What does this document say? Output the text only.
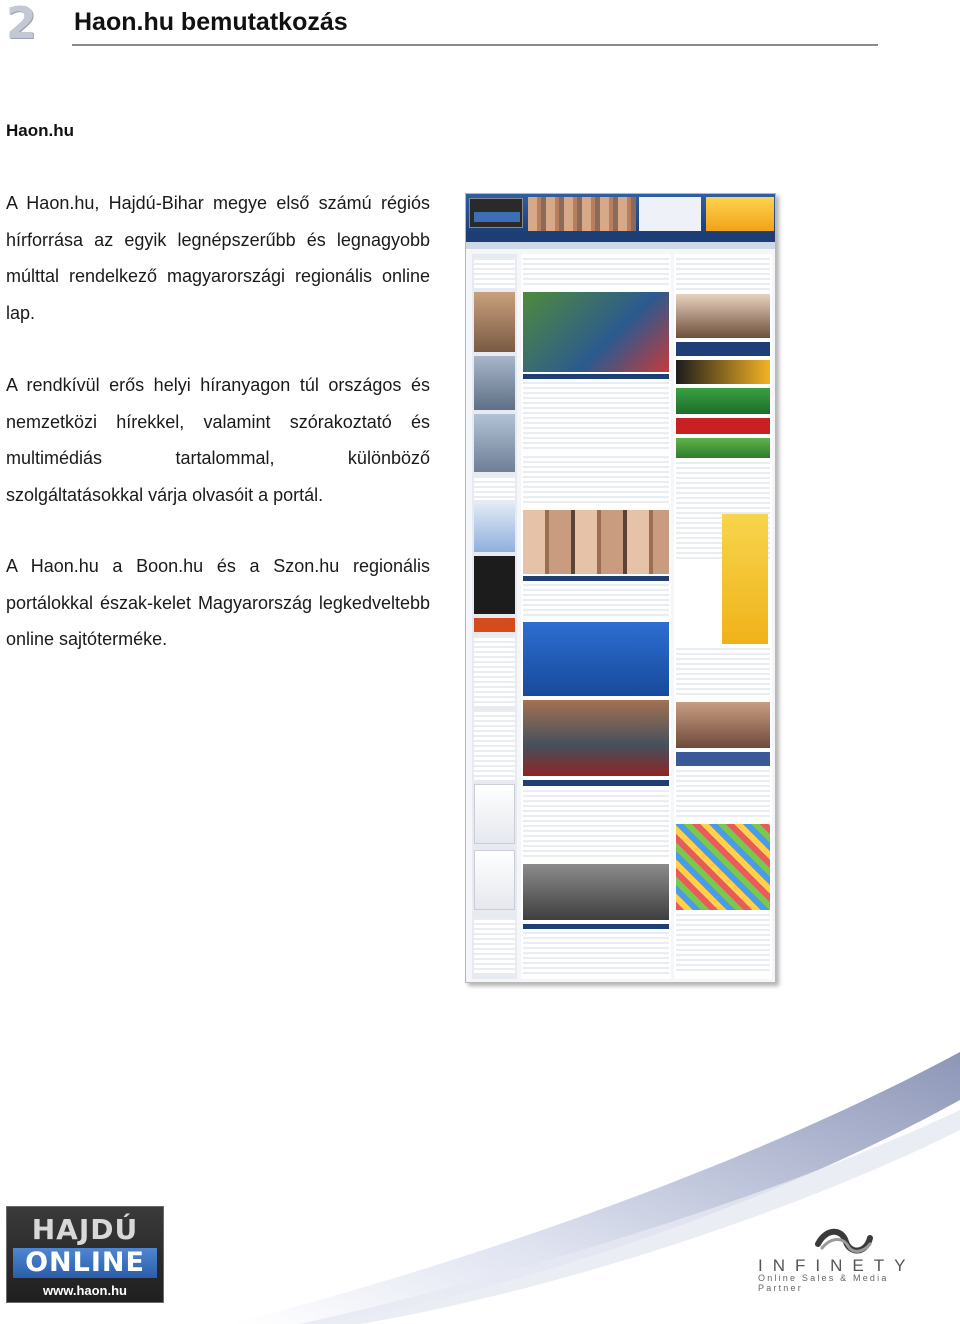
2 Haon.hu bemutatkozás
Haon.hu

A Haon.hu, Hajdú-Bihar megye első számú régiós hírforrása az egyik legnépszerűbb és legnagyobb múlttal rendelkező magyarországi regionális online lap.

A rendkívül erős helyi híranyagon túl országos és nemzetközi hírekkel, valamint szórakoztató és multimédiás tartalommal, különböző szolgáltatásokkal várja olvasóit a portál.

A Haon.hu a Boon.hu és a Szon.hu regionális portálokkal észak-kelet Magyarország legkedveltebb online sajtóterméke.

HAJDÚ
ONLINE
www.haon.hu
INFINETY
Online Sales & Media Partner
